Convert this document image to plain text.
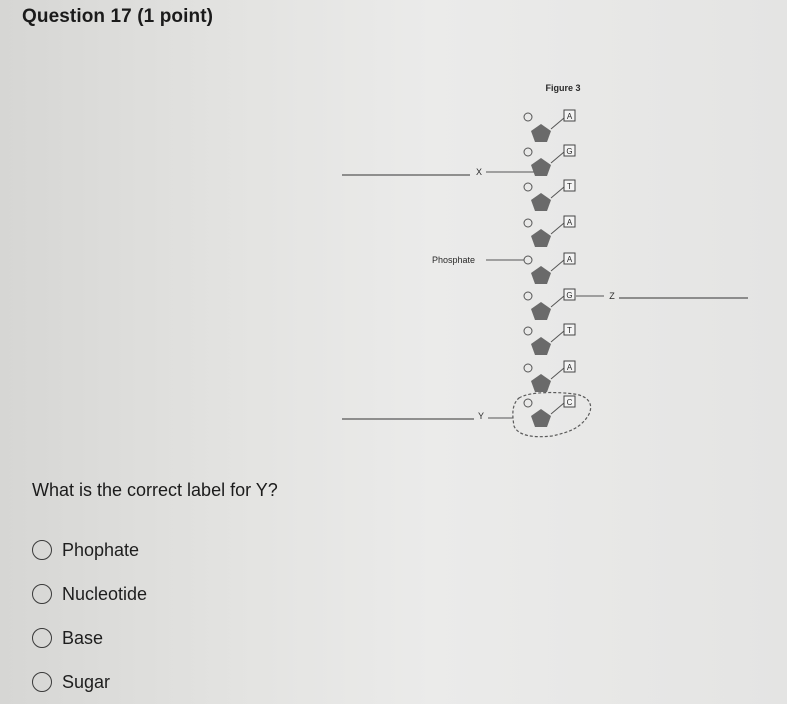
Question 17 (1 point)
Figure 3
A
G
T
A
A
G
T
A
C
X
Phosphate
Z
Y
What is the correct label for Y?
Phophate
Nucleotide
Base
Sugar
